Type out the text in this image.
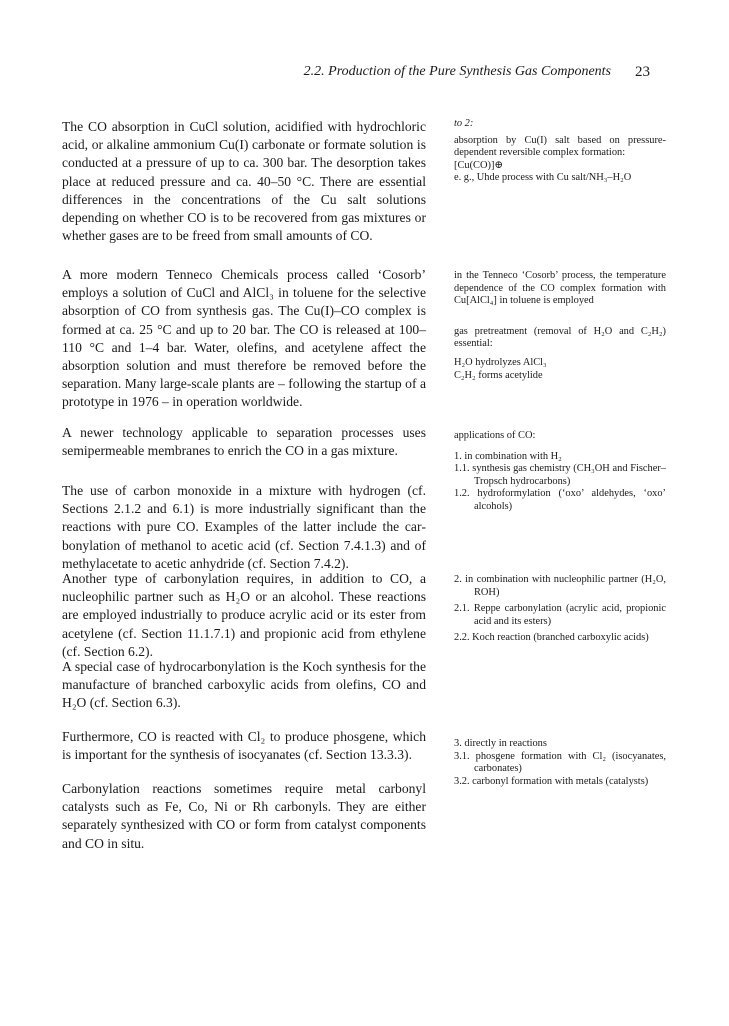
2.2. Production of the Pure Synthesis Gas Components 23

The CO absorption in CuCl solution, acidified with hydrochloric acid, or alkaline ammonium Cu(I) carbonate or formate solution is conducted at a pressure of up to ca. 300 bar. The desorption takes place at reduced pressure and ca. 40–50 °C. There are essential differences in the concentrations of the Cu salt solutions depending on whether CO is to be recovered from gas mixtures or whether gases are to be freed from small amounts of CO.

A more modern Tenneco Chemicals process called ‘Cosorb’ employs a solution of CuCl and AlCl₃ in toluene for the selective absorption of CO from synthesis gas. The Cu(I)–CO complex is formed at ca. 25 °C and up to 20 bar. The CO is released at 100–110 °C and 1–4 bar. Water, olefins, and acetylene affect the absorption solution and must therefore be removed before the separation. Many large-scale plants are – following the startup of a prototype in 1976 – in operation worldwide.

A newer technology applicable to separation processes uses semipermeable membranes to enrich the CO in a gas mixture.

The use of carbon monoxide in a mixture with hydrogen (cf. Sections 2.1.2 and 6.1) is more industrially significant than the reactions with pure CO. Examples of the latter include the carbonylation of methanol to acetic acid (cf. Section 7.4.1.3) and of methylacetate to acetic anhydride (cf. Section 7.4.2).

Another type of carbonylation requires, in addition to CO, a nucleophilic partner such as H₂O or an alcohol. These reactions are employed industrially to produce acrylic acid or its ester from acetylene (cf. Section 11.1.7.1) and propionic acid from ethylene (cf. Section 6.2).

A special case of hydrocarbonylation is the Koch synthesis for the manufacture of branched carboxylic acids from olefins, CO and H₂O (cf. Section 6.3).

Furthermore, CO is reacted with Cl₂ to produce phosgene, which is important for the synthesis of isocyanates (cf. Section 13.3.3).

Carbonylation reactions sometimes require metal carbonyl catalysts such as Fe, Co, Ni or Rh carbonyls. They are either separately synthesized with CO or form from catalyst components and CO in situ.

to 2:

absorption by Cu(I) salt based on pressure-dependent reversible complex formation:

[Cu(CO)]⊕

e. g., Uhde process with Cu salt/NH₃–H₂O

in the Tenneco ‘Cosorb’ process, the temperature dependence of the CO complex formation with Cu[AlCl₄] in toluene is employed

gas pretreatment (removal of H₂O and C₂H₂) essential:

H₂O hydrolyzes AlCl₃

C₂H₂ forms acetylide

applications of CO:

1. in combination with H₂

1.1. synthesis gas chemistry (CH₃OH and Fischer–Tropsch hydrocarbons)

1.2. hydroformylation (‘oxo’ aldehydes, ‘oxo’ alcohols)

2. in combination with nucleophilic partner (H₂O, ROH)

2.1. Reppe carbonylation (acrylic acid, propionic acid and its esters)

2.2. Koch reaction (branched carboxylic acids)

3. directly in reactions

3.1. phosgene formation with Cl₂ (isocyanates, carbonates)

3.2. carbonyl formation with metals (catalysts)
